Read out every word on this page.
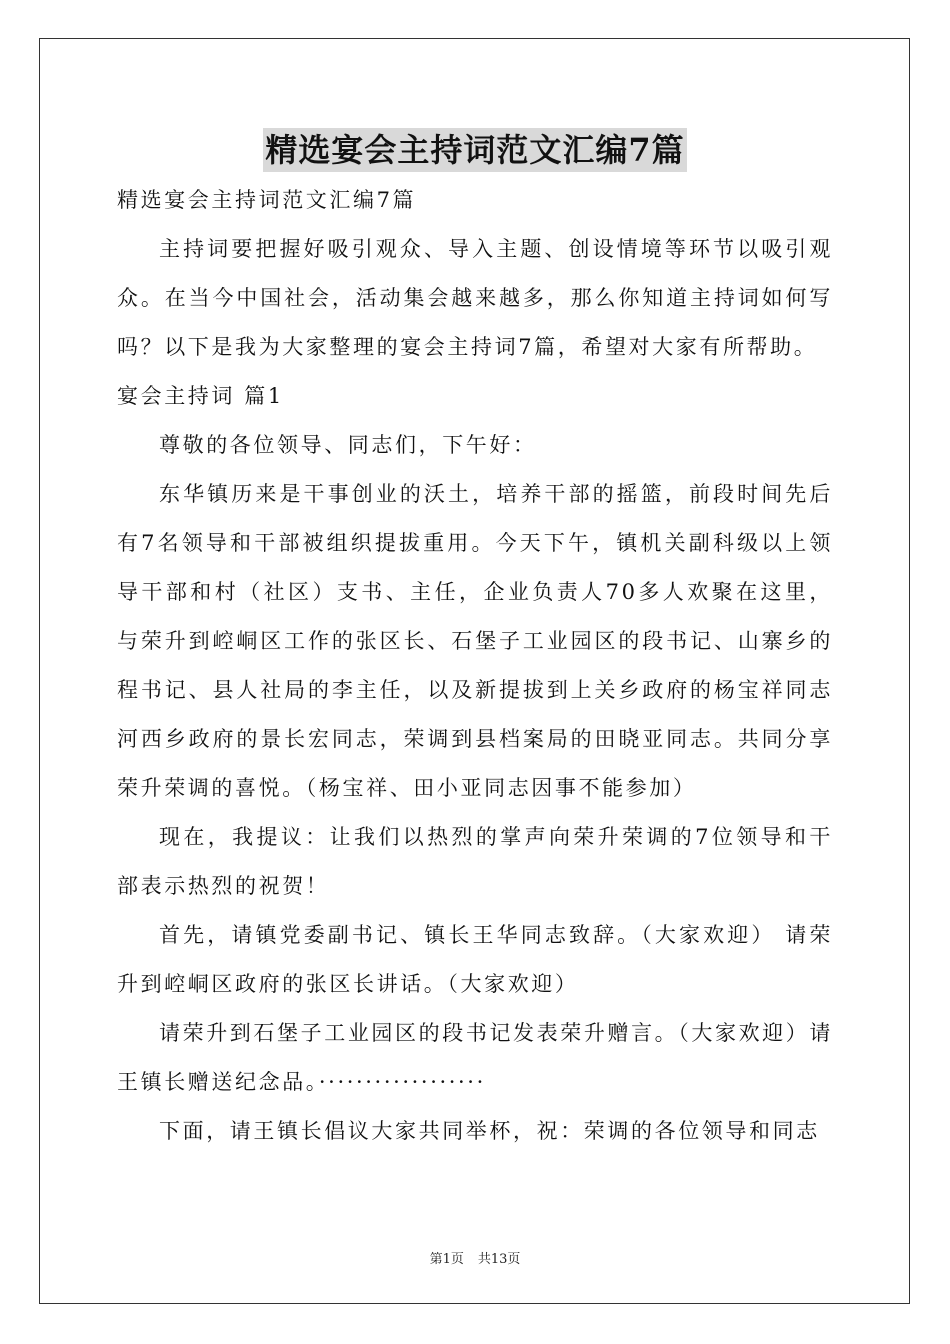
精选宴会主持词范文汇编7篇

精选宴会主持词范文汇编7篇

主持词要把握好吸引观众、导入主题、创设情境等环节以吸引观众。在当今中国社会，活动集会越来越多，那么你知道主持词如何写吗？以下是我为大家整理的宴会主持词7篇，希望对大家有所帮助。

宴会主持词 篇1

尊敬的各位领导、同志们，下午好：

东华镇历来是干事创业的沃土，培养干部的摇篮，前段时间先后有7名领导和干部被组织提拔重用。今天下午，镇机关副科级以上领导干部和村（社区）支书、主任，企业负责人70多人欢聚在这里，与荣升到崆峒区工作的张区长、石堡子工业园区的段书记、山寨乡的程书记、县人社局的李主任，以及新提拔到上关乡政府的杨宝祥同志河西乡政府的景长宏同志，荣调到县档案局的田晓亚同志。共同分享荣升荣调的喜悦。（杨宝祥、田小亚同志因事不能参加）

现在，我提议：让我们以热烈的掌声向荣升荣调的7位领导和干部表示热烈的祝贺！

首先，请镇党委副书记、镇长王华同志致辞。（大家欢迎） 请荣升到崆峒区政府的张区长讲话。（大家欢迎）

请荣升到石堡子工业园区的段书记发表荣升赠言。（大家欢迎）请王镇长赠送纪念品。··················

下面，请王镇长倡议大家共同举杯，祝：荣调的各位领导和同志

第1页 共13页
